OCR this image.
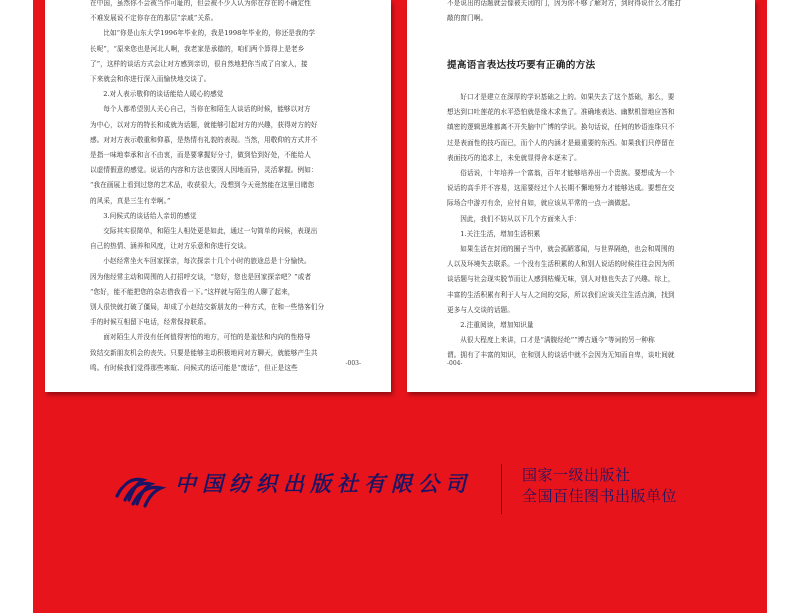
在中国，虽然你不会被当作可耻的，但会被不少人认为你在存在的不确定性

不难发展说不定你存在的那层“亲戚”关系。

比如“你是山东大学1996年毕业的，我是1998年毕业的，你还是我的学

长呢”，“原来您也是河北人啊，我老家是承德的，咱们两个算得上是老乡

了”，这样的谈话方式会让对方感到亲切，很自然地把你当成了自家人，接

下来就会和你进行深入而愉快地交谈了。

2.对人表示敬仰的谈话能给人暖心的感觉

每个人都希望别人关心自己，当你在和陌生人谈话的时候，能够以对方

为中心，以对方的特长和成就为话题，就能够引起对方的兴趣，获得对方的好

感。对对方表示敬重和仰慕，是热情有礼貌的表现。当然，用敬仰的方式并不

是指一味地奉承和言不由衷，而是要掌握好分寸，做到恰到好处，不能给人

以虚情假意的感觉。说话的内容和方法也要因人因地而异，灵活掌握。例如：

“我在画展上看到过您的艺术品，收获很大，没想到今天竟然能在这里目睹您

的风采，真是三生有幸啊。”

3.问候式的谈话给人亲切的感觉

交际其实很简单，和陌生人相处更是如此，通过一句简单的问候，表现出

自己的热情、涵养和风度，让对方乐意和你进行交谈。

小赵经常坐火车回家探亲，每次探亲十几个小时的旅途总是十分愉快。

因为他经常主动和周围的人打招呼交谈，“您好，您也是回家探亲吧？”或者

“您好，能不能把您的杂志借我看一下。”这样就与陌生的人聊了起来，

别人很快就打破了僵局，却成了小赵结交新朋友的一种方式，在和一些恪客们分

手的时候互相留下电话，经常保持联系。

面对陌生人并没有任何值得害怕的地方，可怕的是羞怯和内向的性格导

致结交新朋友机会的丧失。只要是能够主动积极地问对方聊天，就能够产生共

鸣。有时候我们觉得那些寒暄、问候式的话可能是“废话”，但正是这些

-003-

不是说出的话题就会像被关闭的门，因为你不够了解对方，到时得说什么才能打

敲的窗门啊。

提高语言表达技巧要有正确的方法

好口才是建立在深厚的学识基础之上的。如果失去了这个基础，那么，要

想达到口吐莲花的水平恐怕就是缘木求鱼了。准确地表达、幽默机智地应答和

缜密的逻辑思维都离不开失脑中广博的学识。换句话说，任何的妙语连珠只不

过是表面性的技巧而已，而个人的内涵才是最重要的东西。如果我们只停留在

表面技巧的追求上，未免就显得舍本逐末了。

俗话说，十年培养一个富翁，百年才能够培养出一个贵族。要想成为一个

说话的高手并不容易，这需要经过个人长期不懈地努力才能够达成。要想在交

际场合中游刃有余，应付自如，就应该从平常的一点一滴做起。

因此，我们不妨从以下几个方面来入手：

1.关注生活，增加生活积累

如果生活在封闭的圈子当中，就会孤陋寡闻，与世界隔绝，也会和周围的

人以及环境失去联系。一个没有生活积累的人和别人说话的时候往往会因为所

谈话题与社会现实脱节而让人感到枯燥无味，别人对他也失去了兴趣。综上，

丰富的生活积累有利于人与人之间的交际，所以我们应该关注生活点滴，找到

更多与人交谈的话题。

2.注重阅读，增加知识量

从很大程度上来讲，口才是“满腹经纶”“博古通今”等词的另一种称

谓。拥有了丰富的知识，在和别人的谈话中就不会因为无知而自卑，谈吐间就

-004-
中国纺织出版社有限公司	国家一级出版社
全国百佳图书出版单位
